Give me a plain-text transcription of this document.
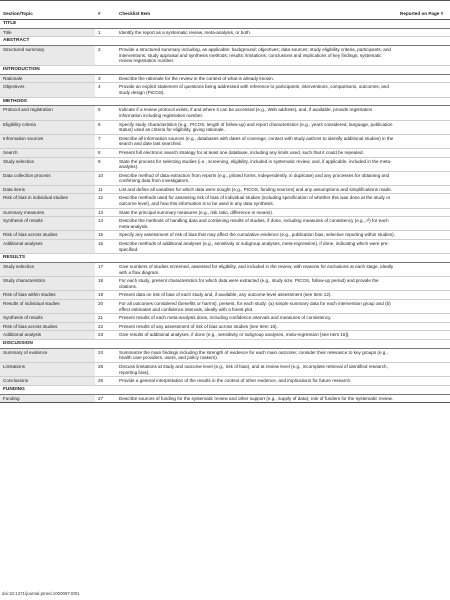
Section/Topic	#	Checklist Item	Reported on Page #
TITLE			
Title	1	Identify the report as a systematic review, meta-analysis, or both.	
ABSTRACT			
Structured summary	2	Provide a structured summary including, as applicable: background; objectives; data sources; study eligibility criteria, participants, and interventions; study appraisal and synthesis methods; results; limitations; conclusions and implications of key findings; systematic review registration number.	
INTRODUCTION			
Rationale	3	Describe the rationale for the review in the context of what is already known.	
Objectives	4	Provide an explicit statement of questions being addressed with reference to participants, interventions, comparisons, outcomes, and study design (PICOS).	
METHODS			
Protocol and registration	5	Indicate if a review protocol exists, if and where it can be accessed (e.g., Web address), and, if available, provide registration information including registration number.	
Eligibility criteria	6	Specify study characteristics (e.g., PICOS, length of follow-up) and report characteristics (e.g., years considered, language, publication status) used as criteria for eligibility, giving rationale.	
Information sources	7	Describe all information sources (e.g., databases with dates of coverage, contact with study authors to identify additional studies) in the search and date last searched.	
Search	8	Present full electronic search strategy for at least one database, including any limits used, such that it could be repeated.	
Study selection	9	State the process for selecting studies (i.e., screening, eligibility, included in systematic review, and, if applicable, included in the meta-analysis).	
Data collection process	10	Describe method of data extraction from reports (e.g., piloted forms, independently, in duplicate) and any processes for obtaining and confirming data from investigators.	
Data items	11	List and define all variables for which data were sought (e.g., PICOS, funding sources) and any assumptions and simplifications made.	
Risk of bias in individual studies	12	Describe methods used for assessing risk of bias of individual studies (including specification of whether this was done at the study or outcome level), and how this information is to be used in any data synthesis.	
Summary measures	13	State the principal summary measures (e.g., risk ratio, difference in means).	
Synthesis of results	14	Describe the methods of handling data and combining results of studies, if done, including measures of consistency (e.g., I²) for each meta-analysis.	
Risk of bias across studies	15	Specify any assessment of risk of bias that may affect the cumulative evidence (e.g., publication bias, selective reporting within studies).	
Additional analyses	16	Describe methods of additional analyses (e.g., sensitivity or subgroup analyses, meta-regression), if done, indicating which were pre-specified.	
RESULTS			
Study selection	17	Give numbers of studies screened, assessed for eligibility, and included in the review, with reasons for exclusions at each stage, ideally with a flow diagram.	
Study characteristics	18	For each study, present characteristics for which data were extracted (e.g., study size, PICOS, follow-up period) and provide the citations.	
Risk of bias within studies	19	Present data on risk of bias of each study and, if available, any outcome-level assessment (see Item 12).	
Results of individual studies	20	For all outcomes considered (benefits or harms), present, for each study: (a) simple summary data for each intervention group and (b) effect estimates and confidence intervals, ideally with a forest plot.	
Synthesis of results	21	Present results of each meta-analysis done, including confidence intervals and measures of consistency.	
Risk of bias across studies	22	Present results of any assessment of risk of bias across studies (see Item 15).	
Additional analysis	23	Give results of additional analyses, if done (e.g., sensitivity or subgroup analyses, meta-regression [see Item 16]).	
DISCUSSION			
Summary of evidence	24	Summarize the main findings including the strength of evidence for each main outcome; consider their relevance to key groups (e.g., health care providers, users, and policy makers).	
Limitations	25	Discuss limitations at study and outcome level (e.g., risk of bias), and at review level (e.g., incomplete retrieval of identified research, reporting bias).	
Conclusions	26	Provide a general interpretation of the results in the context of other evidence, and implications for future research.	
FUNDING			
Funding	27	Describe sources of funding for the systematic review and other support (e.g., supply of data); role of funders for the systematic review.	
doi:10.1371/journal.pmed.1000097.t001
